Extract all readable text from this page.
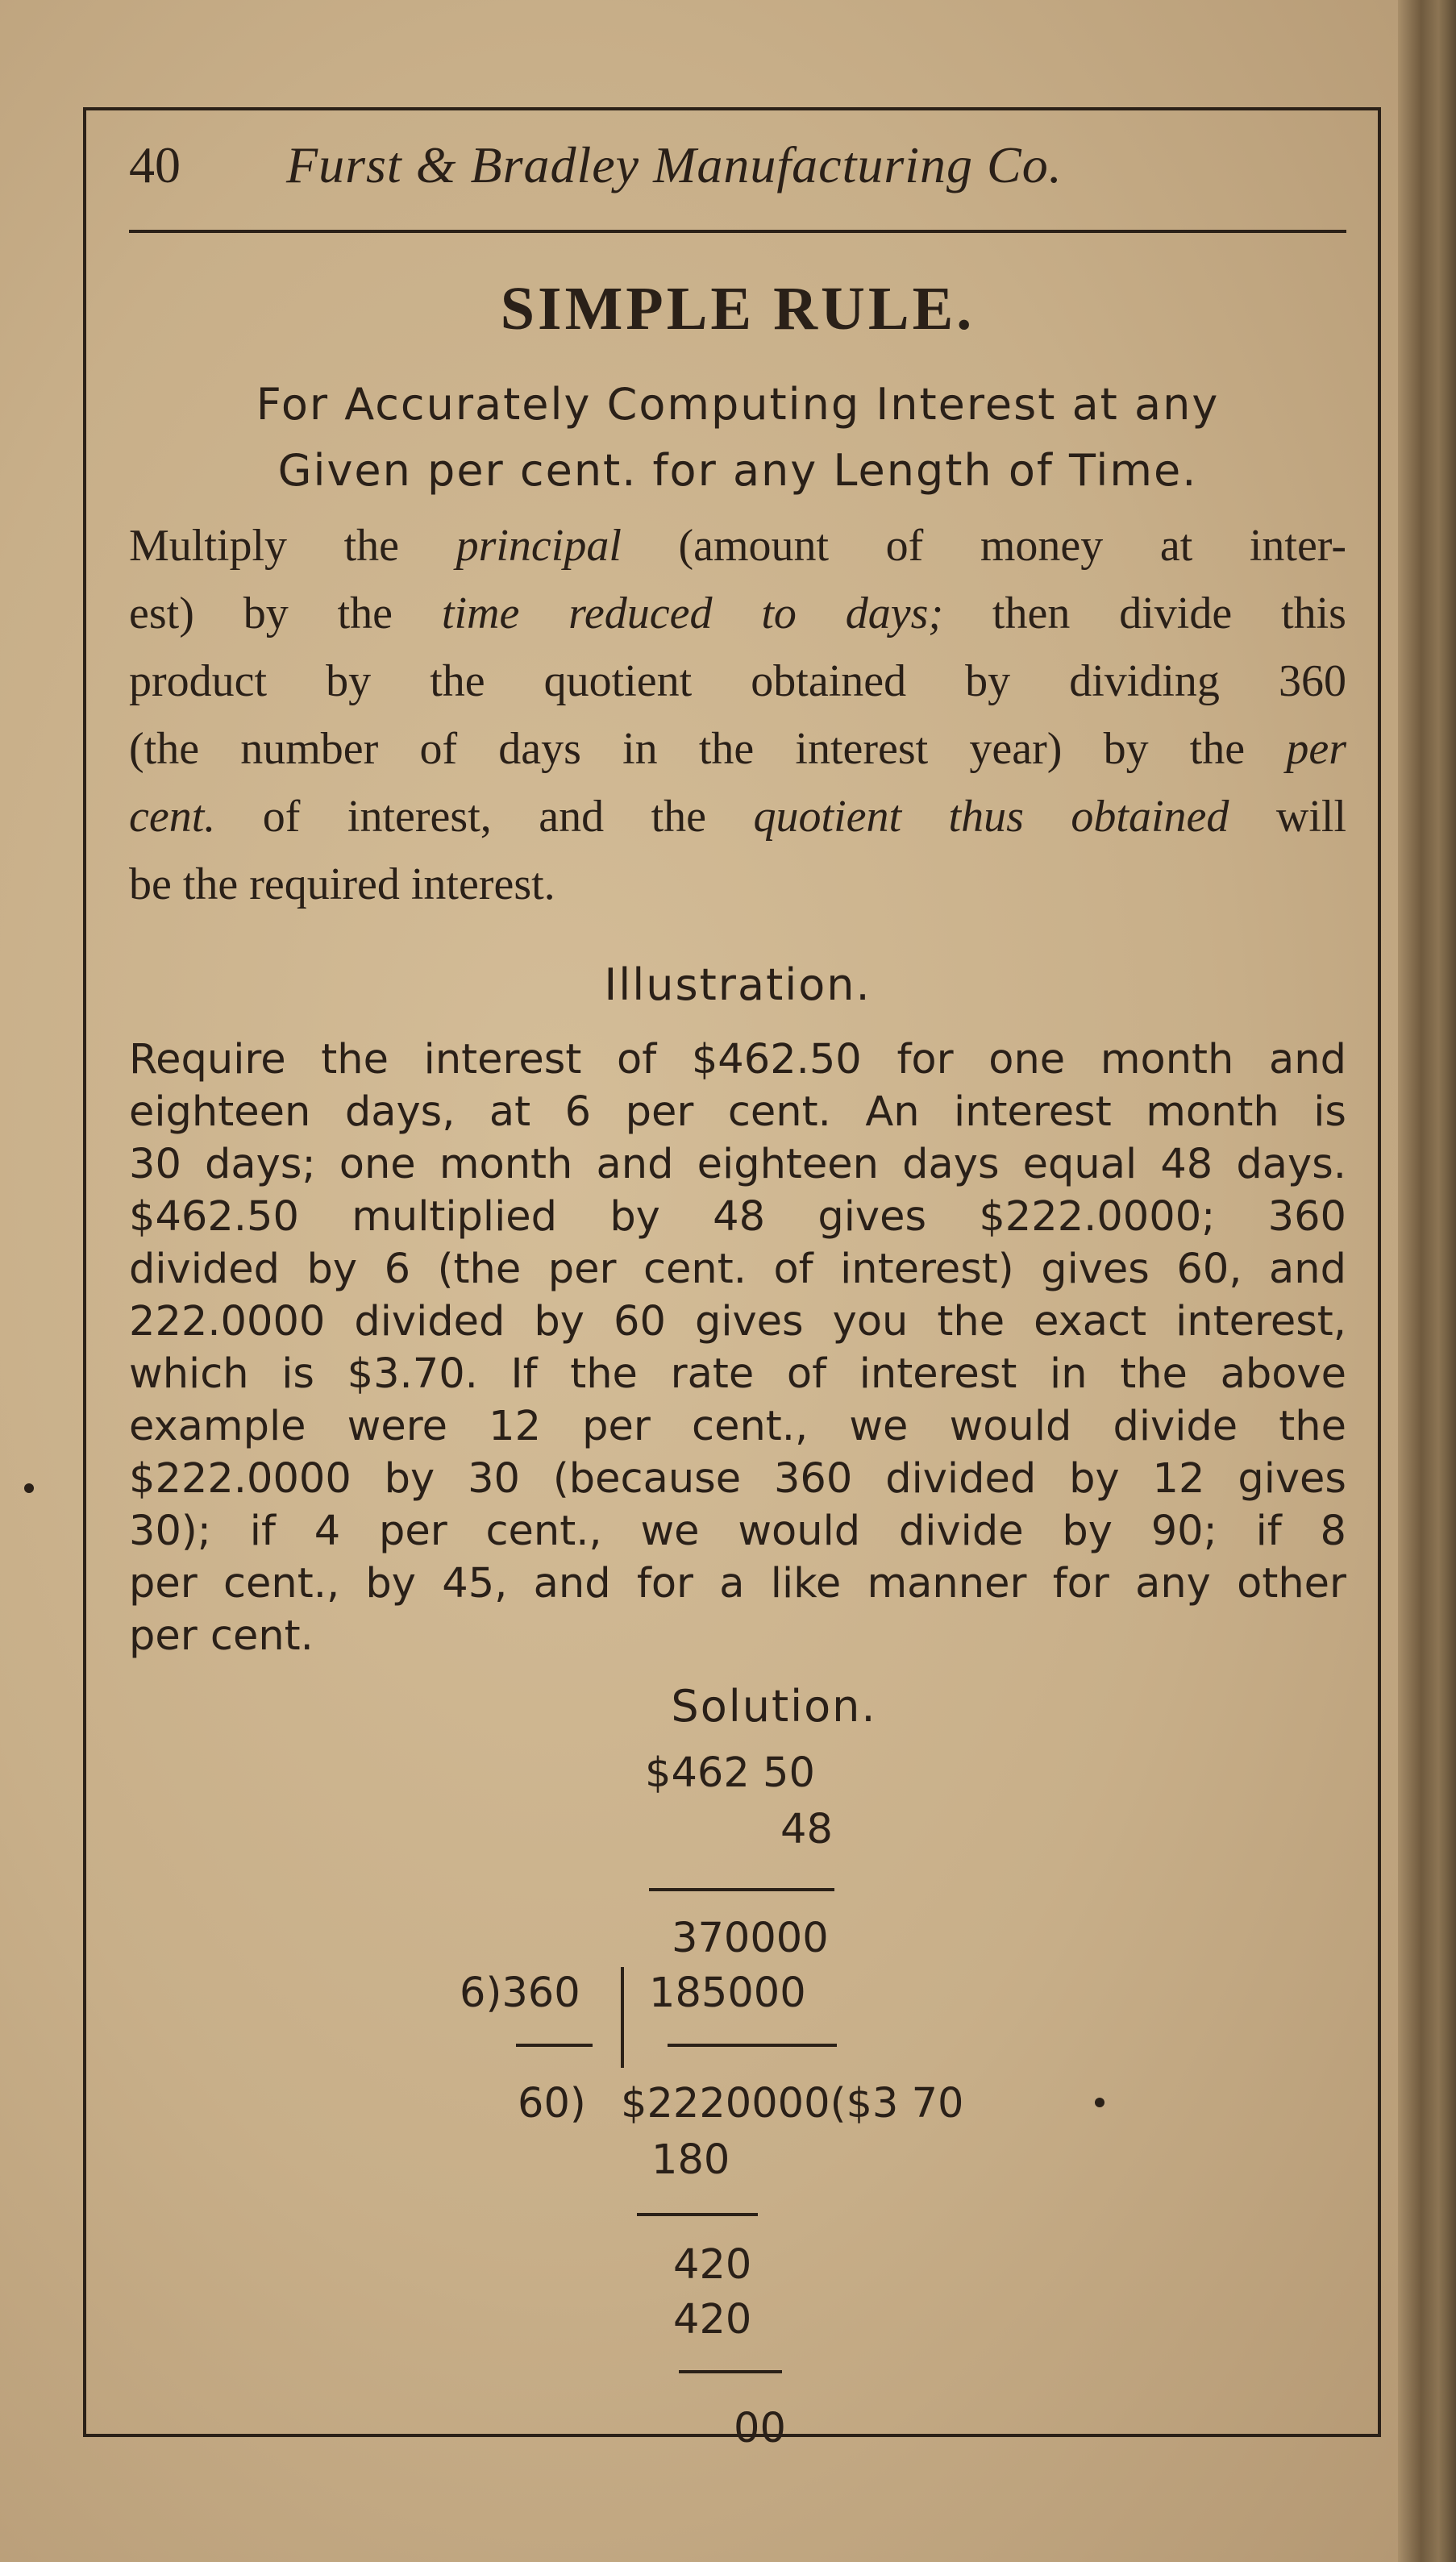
40 Furst & Bradley Manufacturing Co.
SIMPLE RULE.
For Accurately Computing Interest at any
Given per cent. for any Length of Time.
Multiply the principal (amount of money at inter-
est) by the time reduced to days; then divide this
product by the quotient obtained by dividing 360
(the number of days in the interest year) by the per
cent. of interest, and the quotient thus obtained will
be the required interest.
Illustration.
Require the interest of $462.50 for one month and
eighteen days, at 6 per cent. An interest month is
30 days; one month and eighteen days equal 48 days.
$462.50 multiplied by 48 gives $222.0000; 360
divided by 6 (the per cent. of interest) gives 60, and
222.0000 divided by 60 gives you the exact interest,
which is $3.70. If the rate of interest in the above
example were 12 per cent., we would divide the
$222.0000 by 30 (because 360 divided by 12 gives
30); if 4 per cent., we would divide by 90; if 8
per cent., by 45, and for a like manner for any other
per cent.
Solution.
$462 50
48
370000
6)360 185000
60) $2220000($3 70
180
420
420
00
